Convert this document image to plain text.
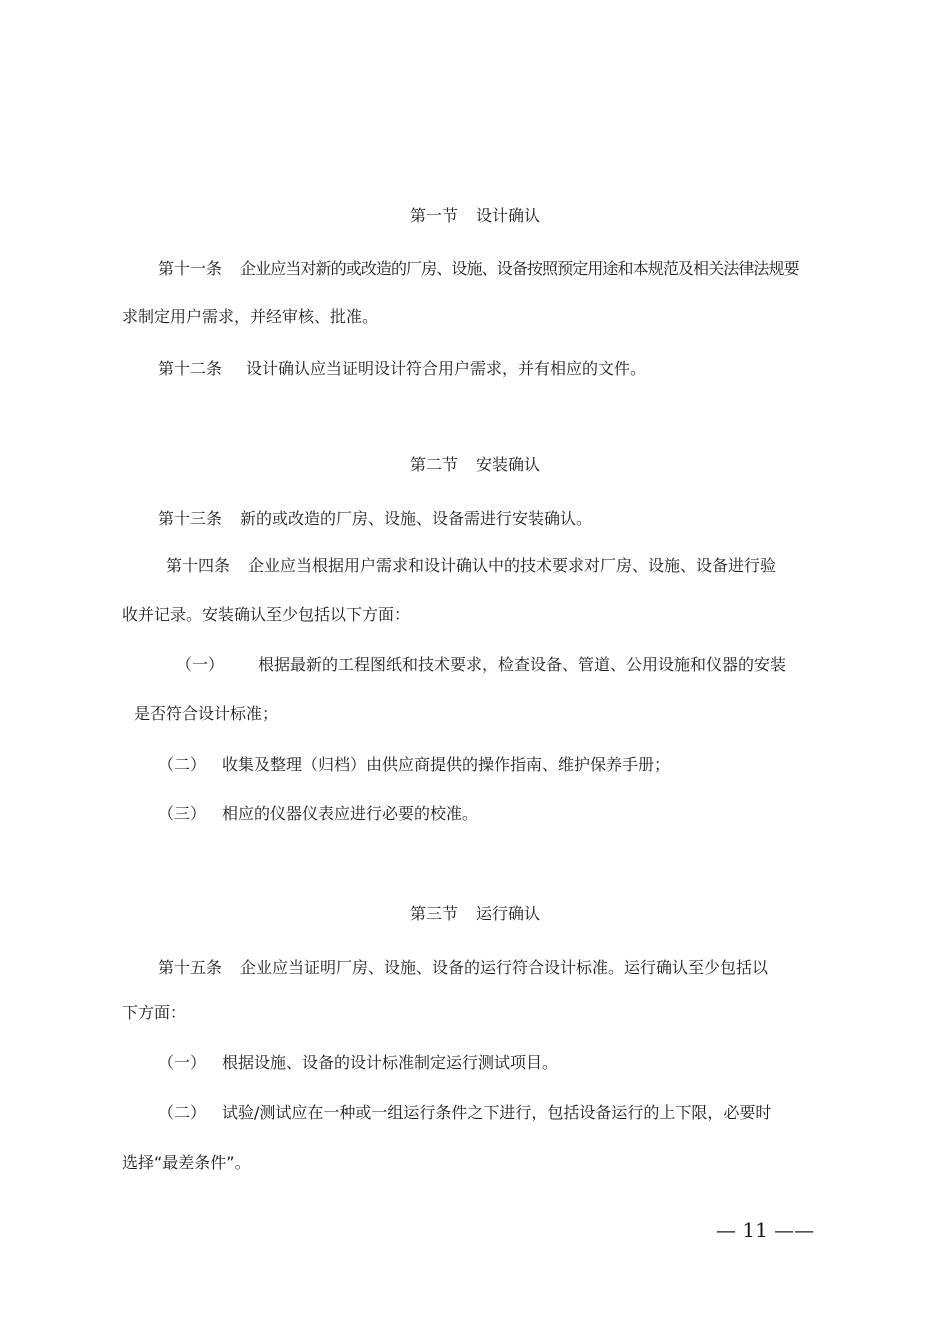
第一节 设计确认
第十一条 企业应当对新的或改造的厂房、设施、设备按照预定用途和本规范及相关法律法规要
求制定用户需求，并经审核、批准。
第十二条 设计确认应当证明设计符合用户需求，并有相应的文件。
第二节 安装确认
第十三条 新的或改造的厂房、设施、设备需进行安装确认。
第十四条 企业应当根据用户需求和设计确认中的技术要求对厂房、设施、设备进行验
收并记录。安装确认至少包括以下方面：
（一） 根据最新的工程图纸和技术要求，检查设备、管道、公用设施和仪器的安装
是否符合设计标准；
（二） 收集及整理（归档）由供应商提供的操作指南、维护保养手册；
（三） 相应的仪器仪表应进行必要的校准。
第三节 运行确认
第十五条 企业应当证明厂房、设施、设备的运行符合设计标准。运行确认至少包括以
下方面：
（一） 根据设施、设备的设计标准制定运行测试项目。
（二） 试验/测试应在一种或一组运行条件之下进行，包括设备运行的上下限，必要时
选择“最差条件”。
— 11 ——
